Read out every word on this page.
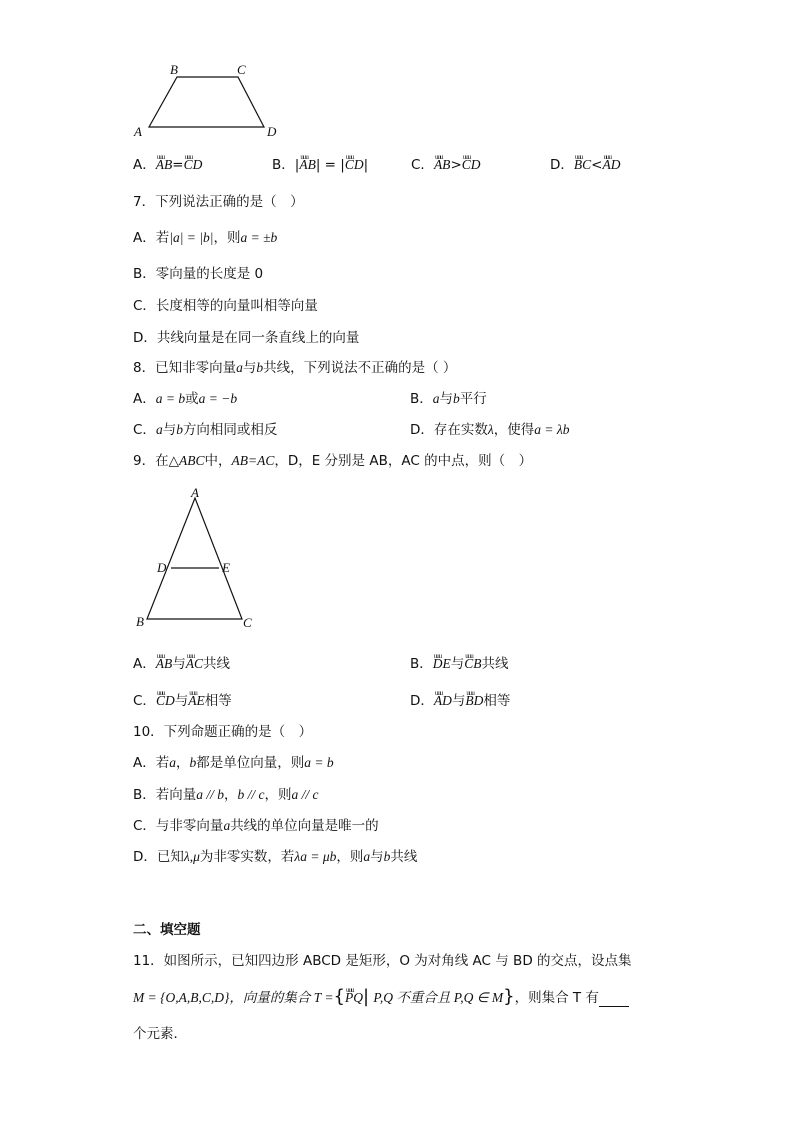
B	C
A	D
A．uuu AB=uuu CD	B．|uuu AB| = |uuu CD|	C．uuu AB>uuu CD	D．uuu BC<uuu AD
7．下列说法正确的是（　）
A．若|a| = |b|，则a = ±b
B．零向量的长度是 0
C．长度相等的向量叫相等向量
D．共线向量是在同一条直线上的向量
8．已知非零向量a与b共线，下列说法不正确的是（ ）
A．a = b或a = −b	B．a与b平行
C．a与b方向相同或相反	D．存在实数λ，使得a = λb
9．在△ABC中，AB=AC，D，E 分别是 AB，AC 的中点，则（　）
A
D	E
B	C
A．uuu AB与uuu AC共线	B．uuu DE与uuu CB共线
C．uuu CD与uuu AE相等	D．uuu AD与uuu BD相等
10．下列命题正确的是（　）
A．若a，b都是单位向量，则a = b
B．若向量a // b，b // c，则a // c
C．与非零向量a共线的单位向量是唯一的
D．已知λ,μ为非零实数，若λa = μb，则a与b共线
二、填空题
11．如图所示，已知四边形 ABCD 是矩形，O 为对角线 AC 与 BD 的交点，设点集
M = {O,A,B,C,D}，向量的集合 T ={uuu PQ| P,Q 不重合且 P,Q ∈ M}，则集合 T 有
个元素．
